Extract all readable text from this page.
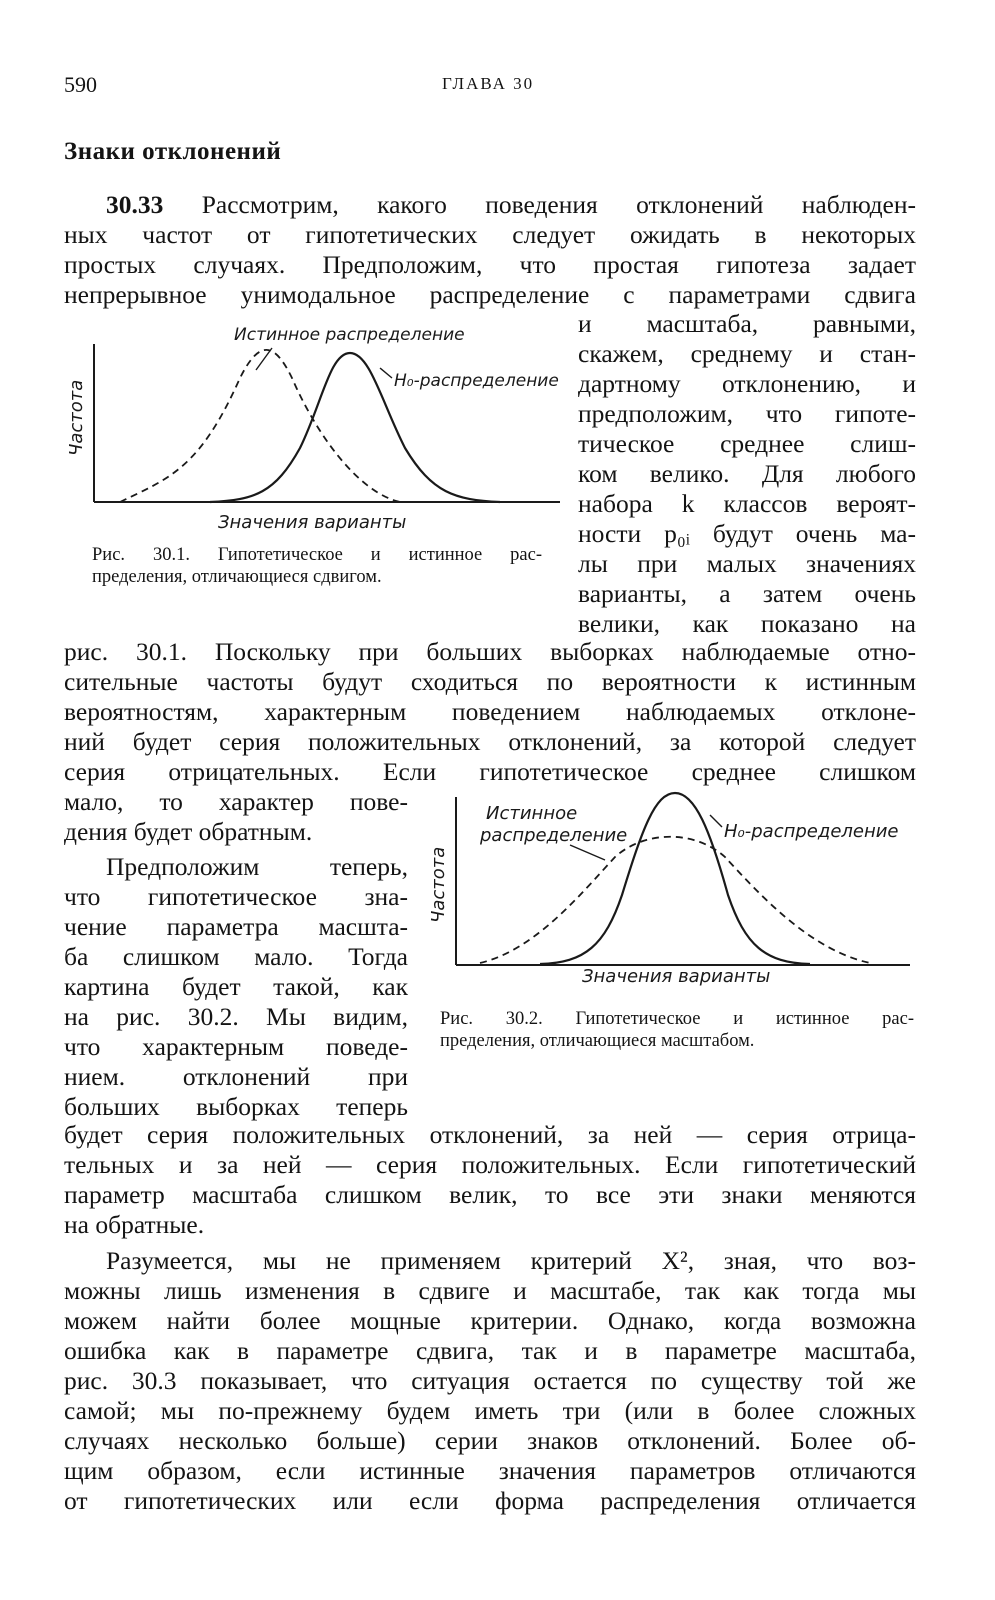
590	ГЛАВА 30
Знаки отклонений
30.33 Рассмотрим, какого поведения отклонений наблюден-
ных частот от гипотетических следует ожидать в некоторых
простых случаях. Предположим, что простая гипотеза задает
непрерывное унимодальное распределение с параметрами сдвига
и масштаба, равными,
скажем, среднему и стан-
дартному отклонению, и
предположим, что гипоте-
тическое среднее слиш-
ком велико. Для любого
набора k классов вероят-
ности p₀ᵢ будут очень ма-
лы при малых значениях
варианты, а затем очень
велики, как показано на
рис. 30.1. Поскольку при больших выборках наблюдаемые отно-
сительные частоты будут сходиться по вероятности к истинным
вероятностям, характерным поведением наблюдаемых отклоне-
ний будет серия положительных отклонений, за которой следует
серия отрицательных. Если гипотетическое среднее слишком
мало, то характер пове-
дения будет обратным.
Предположим теперь,
что гипотетическое зна-
чение параметра масшта-
ба слишком мало. Тогда
картина будет такой, как
на рис. 30.2. Мы видим,
что характерным поведе-
нием. отклонений при
больших выборках теперь
будет серия положительных отклонений, за ней — серия отрица-
тельных и за ней — серия положительных. Если гипотетический
параметр масштаба слишком велик, то все эти знаки меняются
на обратные.
Разумеется, мы не применяем критерий X², зная, что воз-
можны лишь изменения в сдвиге и масштабе, так как тогда мы
можем найти более мощные критерии. Однако, когда возможна
ошибка как в параметре сдвига, так и в параметре масштаба,
рис. 30.3 показывает, что ситуация остается по существу той же
самой; мы по-прежнему будем иметь три (или в более сложных
случаях несколько больше) серии знаков отклонений. Более об-
щим образом, если истинные значения параметров отличаются
от гипотетических или если форма распределения отличается
Истинное распределение
H₀-распределение
Значения варианты
Частота
Рис. 30.1. Гипотетическое и истинное рас-
пределения, отличающиеся сдвигом.
Истинное
распределение	H₀-распределение
Значения варианты
Частота
Рис. 30.2. Гипотетическое и истинное рас-
пределения, отличающиеся масштабом.
